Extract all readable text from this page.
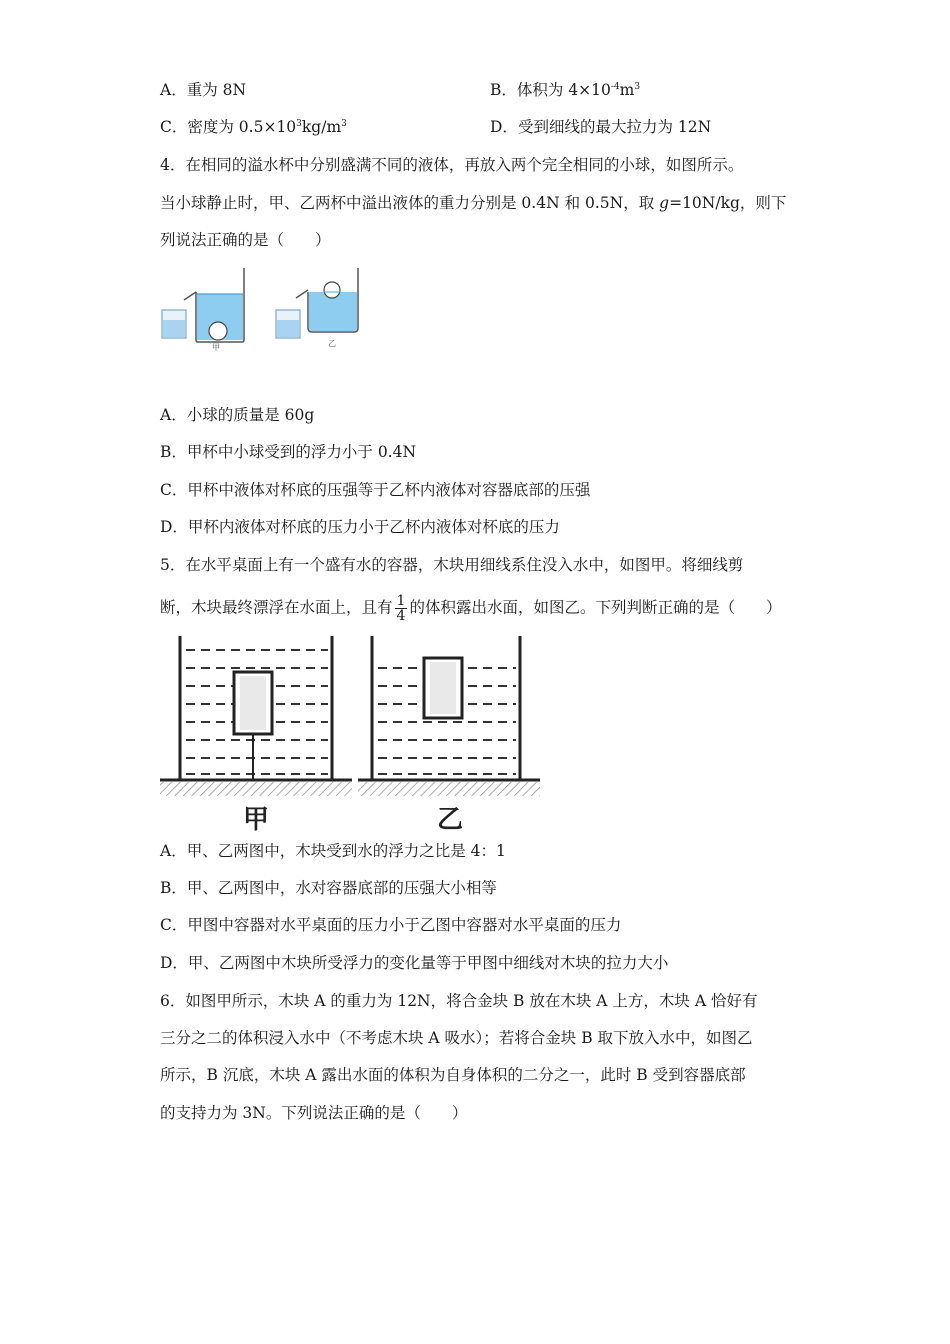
A．重为 8N	B．体积为 $4\times 10^{-4}m^3$
C．密度为 $0.5\times 10^3kg/m^3$	D．受到细线的最大拉力为 12N
4．在相同的溢水杯中分别盛满不同的液体，再放入两个完全相同的小球，如图所示。
当小球静止时，甲、乙两杯中溢出液体的重力分别是 0.4N 和 0.5N，取 g=10N/kg，则下
列说法正确的是（　　）
甲	乙
A．小球的质量是 60g
B．甲杯中小球受到的浮力小于 0.4N
C．甲杯中液体对杯底的压强等于乙杯内液体对容器底部的压强
D．甲杯内液体对杯底的压力小于乙杯内液体对杯底的压力
5．在水平桌面上有一个盛有水的容器，木块用细线系住没入水中，如图甲。将细线剪
断，木块最终漂浮在水面上，且有 $\frac{1}{4}$ 的体积露出水面，如图乙。下列判断正确的是（　　）
甲	乙
A．甲、乙两图中，木块受到水的浮力之比是 4：1
B．甲、乙两图中，水对容器底部的压强大小相等
C．甲图中容器对水平桌面的压力小于乙图中容器对水平桌面的压力
D．甲、乙两图中木块所受浮力的变化量等于甲图中细线对木块的拉力大小
6．如图甲所示，木块 A 的重力为 12N，将合金块 B 放在木块 A 上方，木块 A 恰好有
三分之二的体积浸入水中（不考虑木块 A 吸水）；若将合金块 B 取下放入水中，如图乙
所示，B 沉底，木块 A 露出水面的体积为自身体积的二分之一，此时 B 受到容器底部
的支持力为 3N。下列说法正确的是（　　）
